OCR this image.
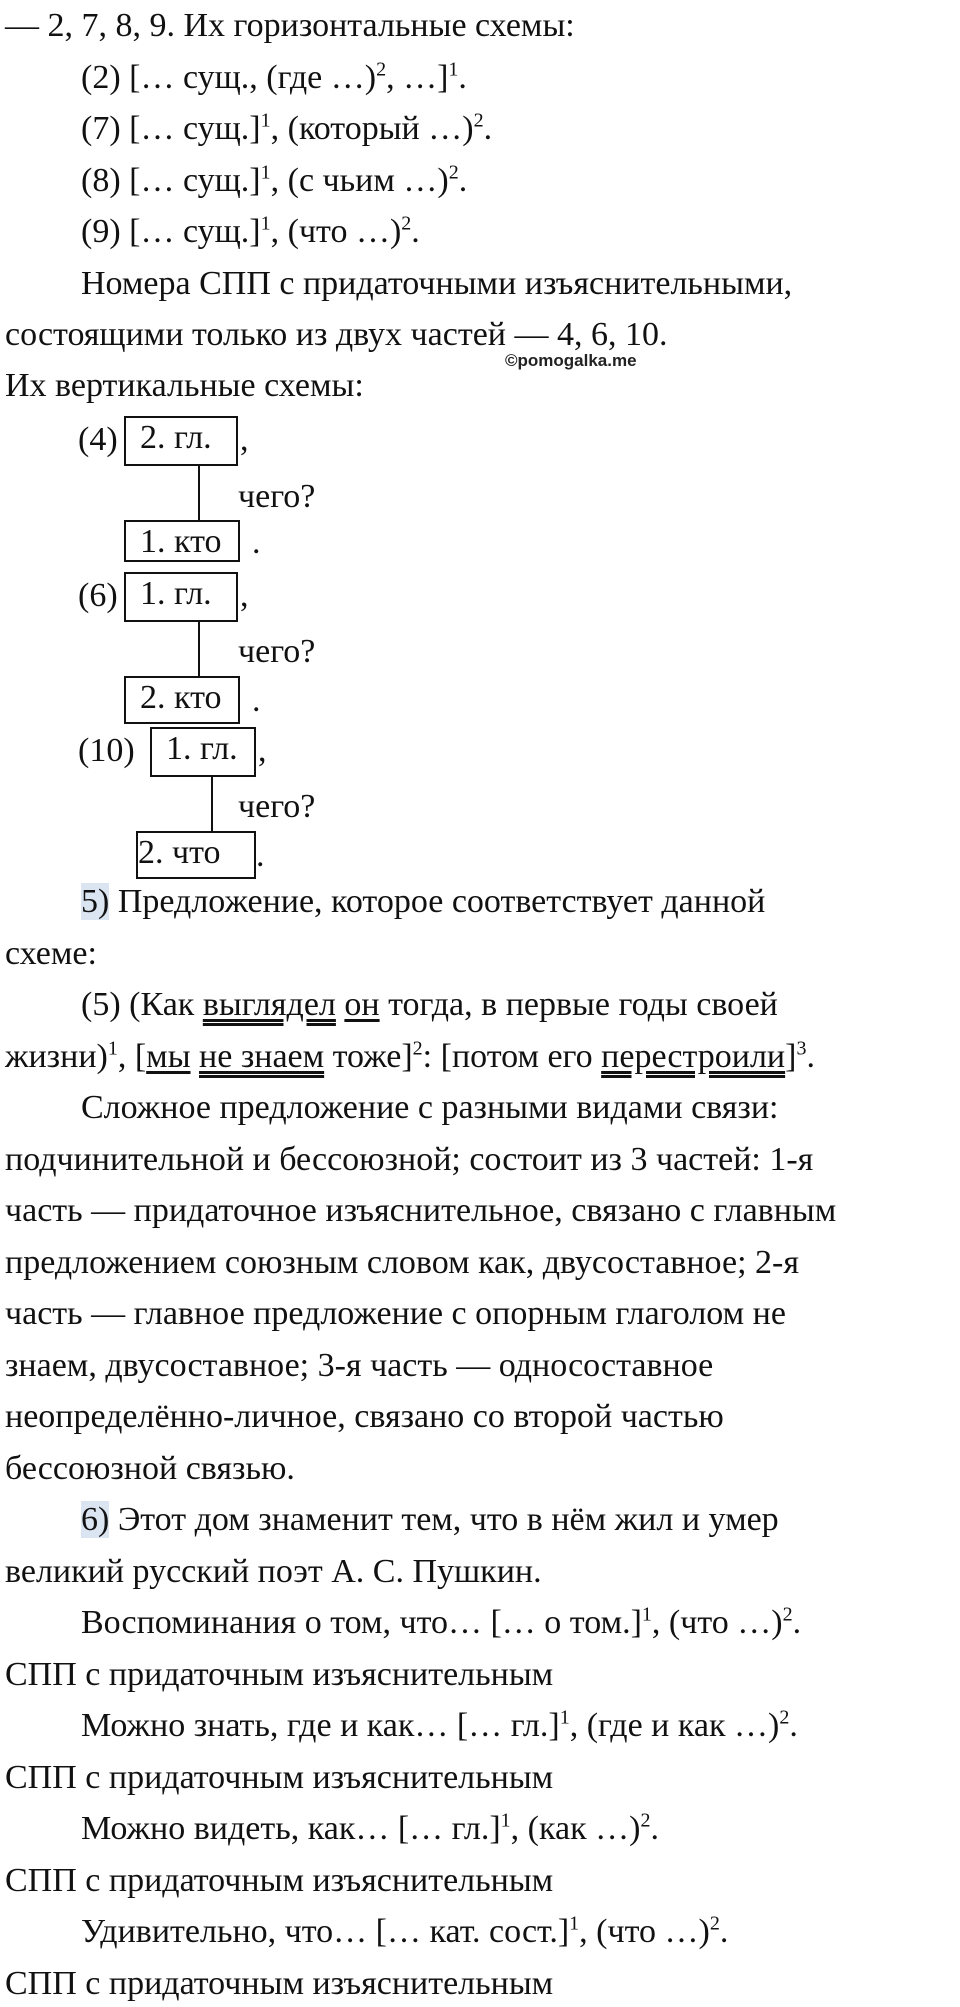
— 2, 7, 8, 9. Их горизонтальные схемы:
(2) [… сущ., (где …)$^2$, …]$^1$.
(7) [… сущ.]$^1$, (который …)$^2$.
(8) [… сущ.]$^1$, (с чьим …)$^2$.
(9) [… сущ.]$^1$, (что …)$^2$.
Номера СПП с придаточными изъяснительными,
состоящими только из двух частей — 4, 6, 10.
©pomogalka.me
Их вертикальные схемы:
(4) 2. гл. ,
чего?
1. кто .
(6) 1. гл. ,
чего?
2. кто .
(10) 1. гл. ,
чего?
2. что	.
5) Предложение, которое соответствует данной
схеме:
(5) (Как выглядел он тогда, в первые годы своей
жизни)$^1$, [мы не знаем тоже]$^2$: [потом его перестроили]$^3$.
Сложное предложение с разными видами связи:
подчинительной и бессоюзной; состоит из 3 частей: 1-я
часть — придаточное изъяснительное, связано с главным
предложением союзным словом как, двусоставное; 2-я
часть — главное предложение с опорным глаголом не
знаем, двусоставное; 3-я часть — односоставное
неопределённо-личное, связано со второй частью
бессоюзной связью.
6) Этот дом знаменит тем, что в нём жил и умер
великий русский поэт А. С. Пушкин.
Воспоминания о том, что… [… о том.]$^1$, (что …)$^2$.
СПП с придаточным изъяснительным
Можно знать, где и как… [… гл.]$^1$, (где и как …)$^2$.
СПП с придаточным изъяснительным
Можно видеть, как… [… гл.]$^1$, (как …)$^2$.
СПП с придаточным изъяснительным
Удивительно, что… [… кат. сост.]$^1$, (что …)$^2$.
СПП с придаточным изъяснительным
